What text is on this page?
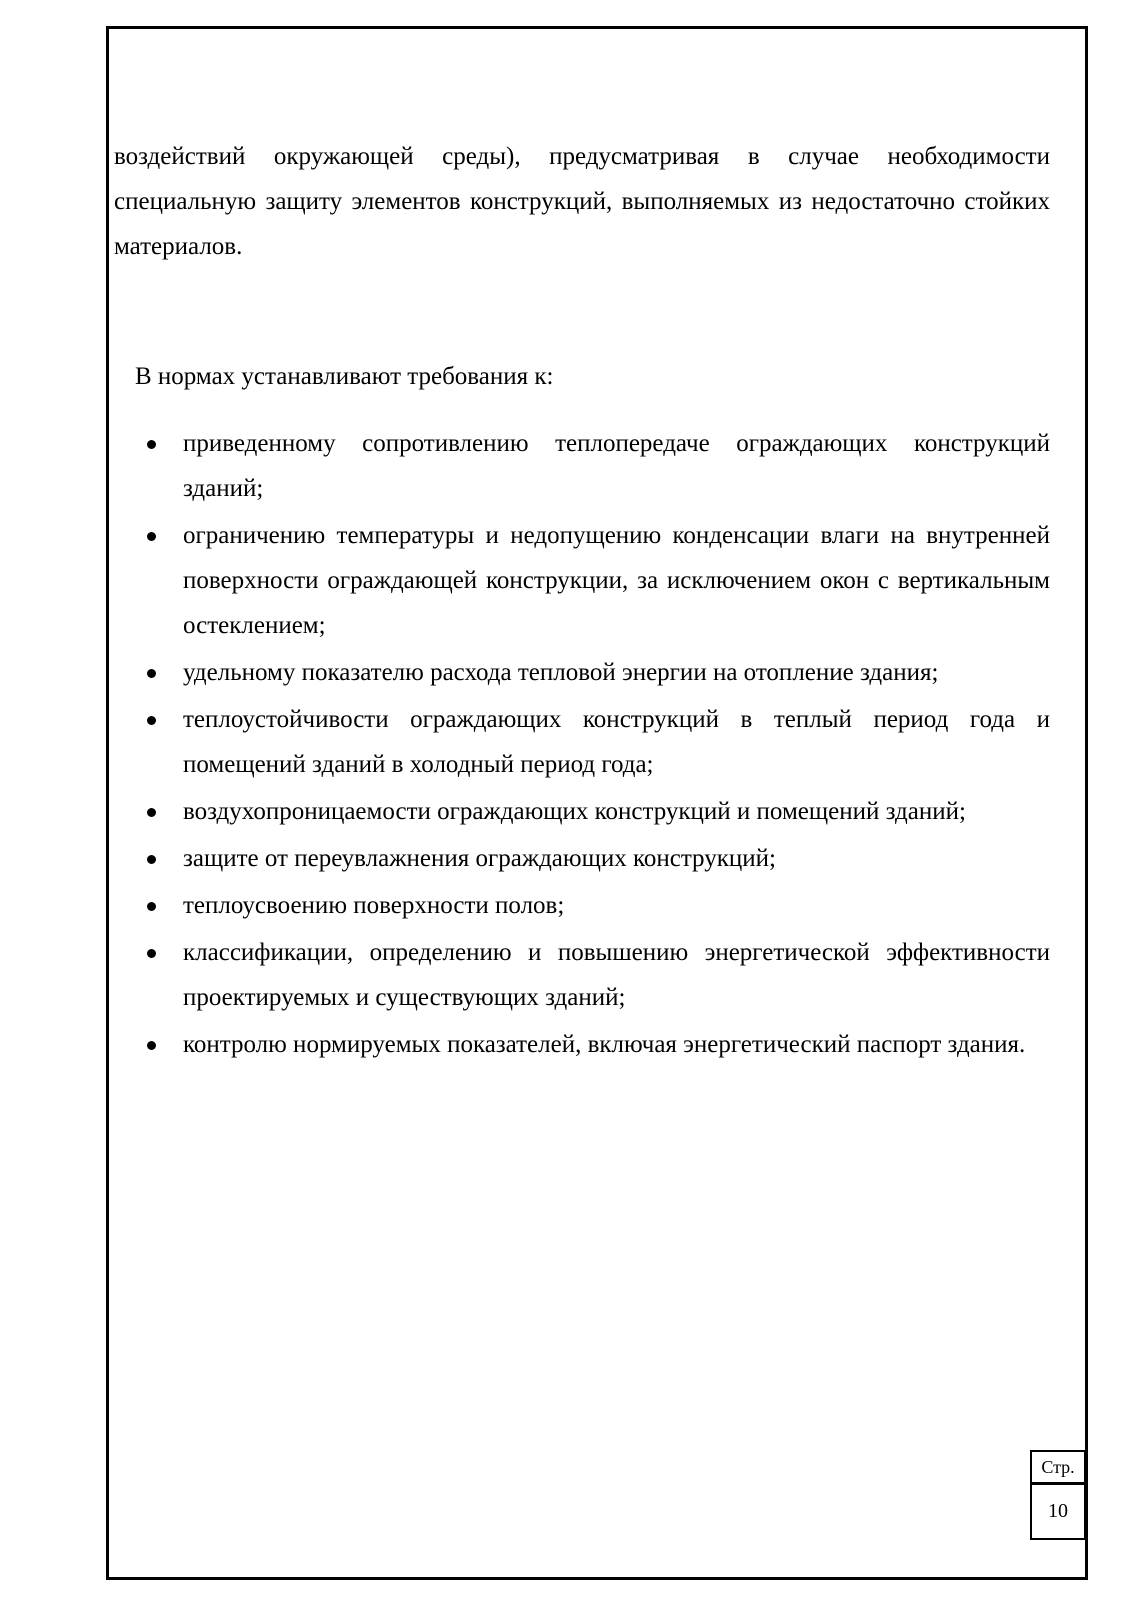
воздействий окружающей среды), предусматривая в случае необходимости специальную защиту элементов конструкций, выполняемых из недостаточно стойких материалов.

В нормах устанавливают требования к:

приведенному сопротивлению теплопередаче ограждающих конструкций зданий;
ограничению температуры и недопущению конденсации влаги на внутренней поверхности ограждающей конструкции, за исключением окон с вертикальным остеклением;
удельному показателю расхода тепловой энергии на отопление здания;
теплоустойчивости ограждающих конструкций в теплый период года и помещений зданий в холодный период года;
воздухопроницаемости ограждающих конструкций и помещений зданий;
защите от переувлажнения ограждающих конструкций;
теплоусвоению поверхности полов;
классификации, определению и повышению энергетической эффективности проектируемых и существующих зданий;
контролю нормируемых показателей, включая энергетический паспорт здания.
Стр.
10
